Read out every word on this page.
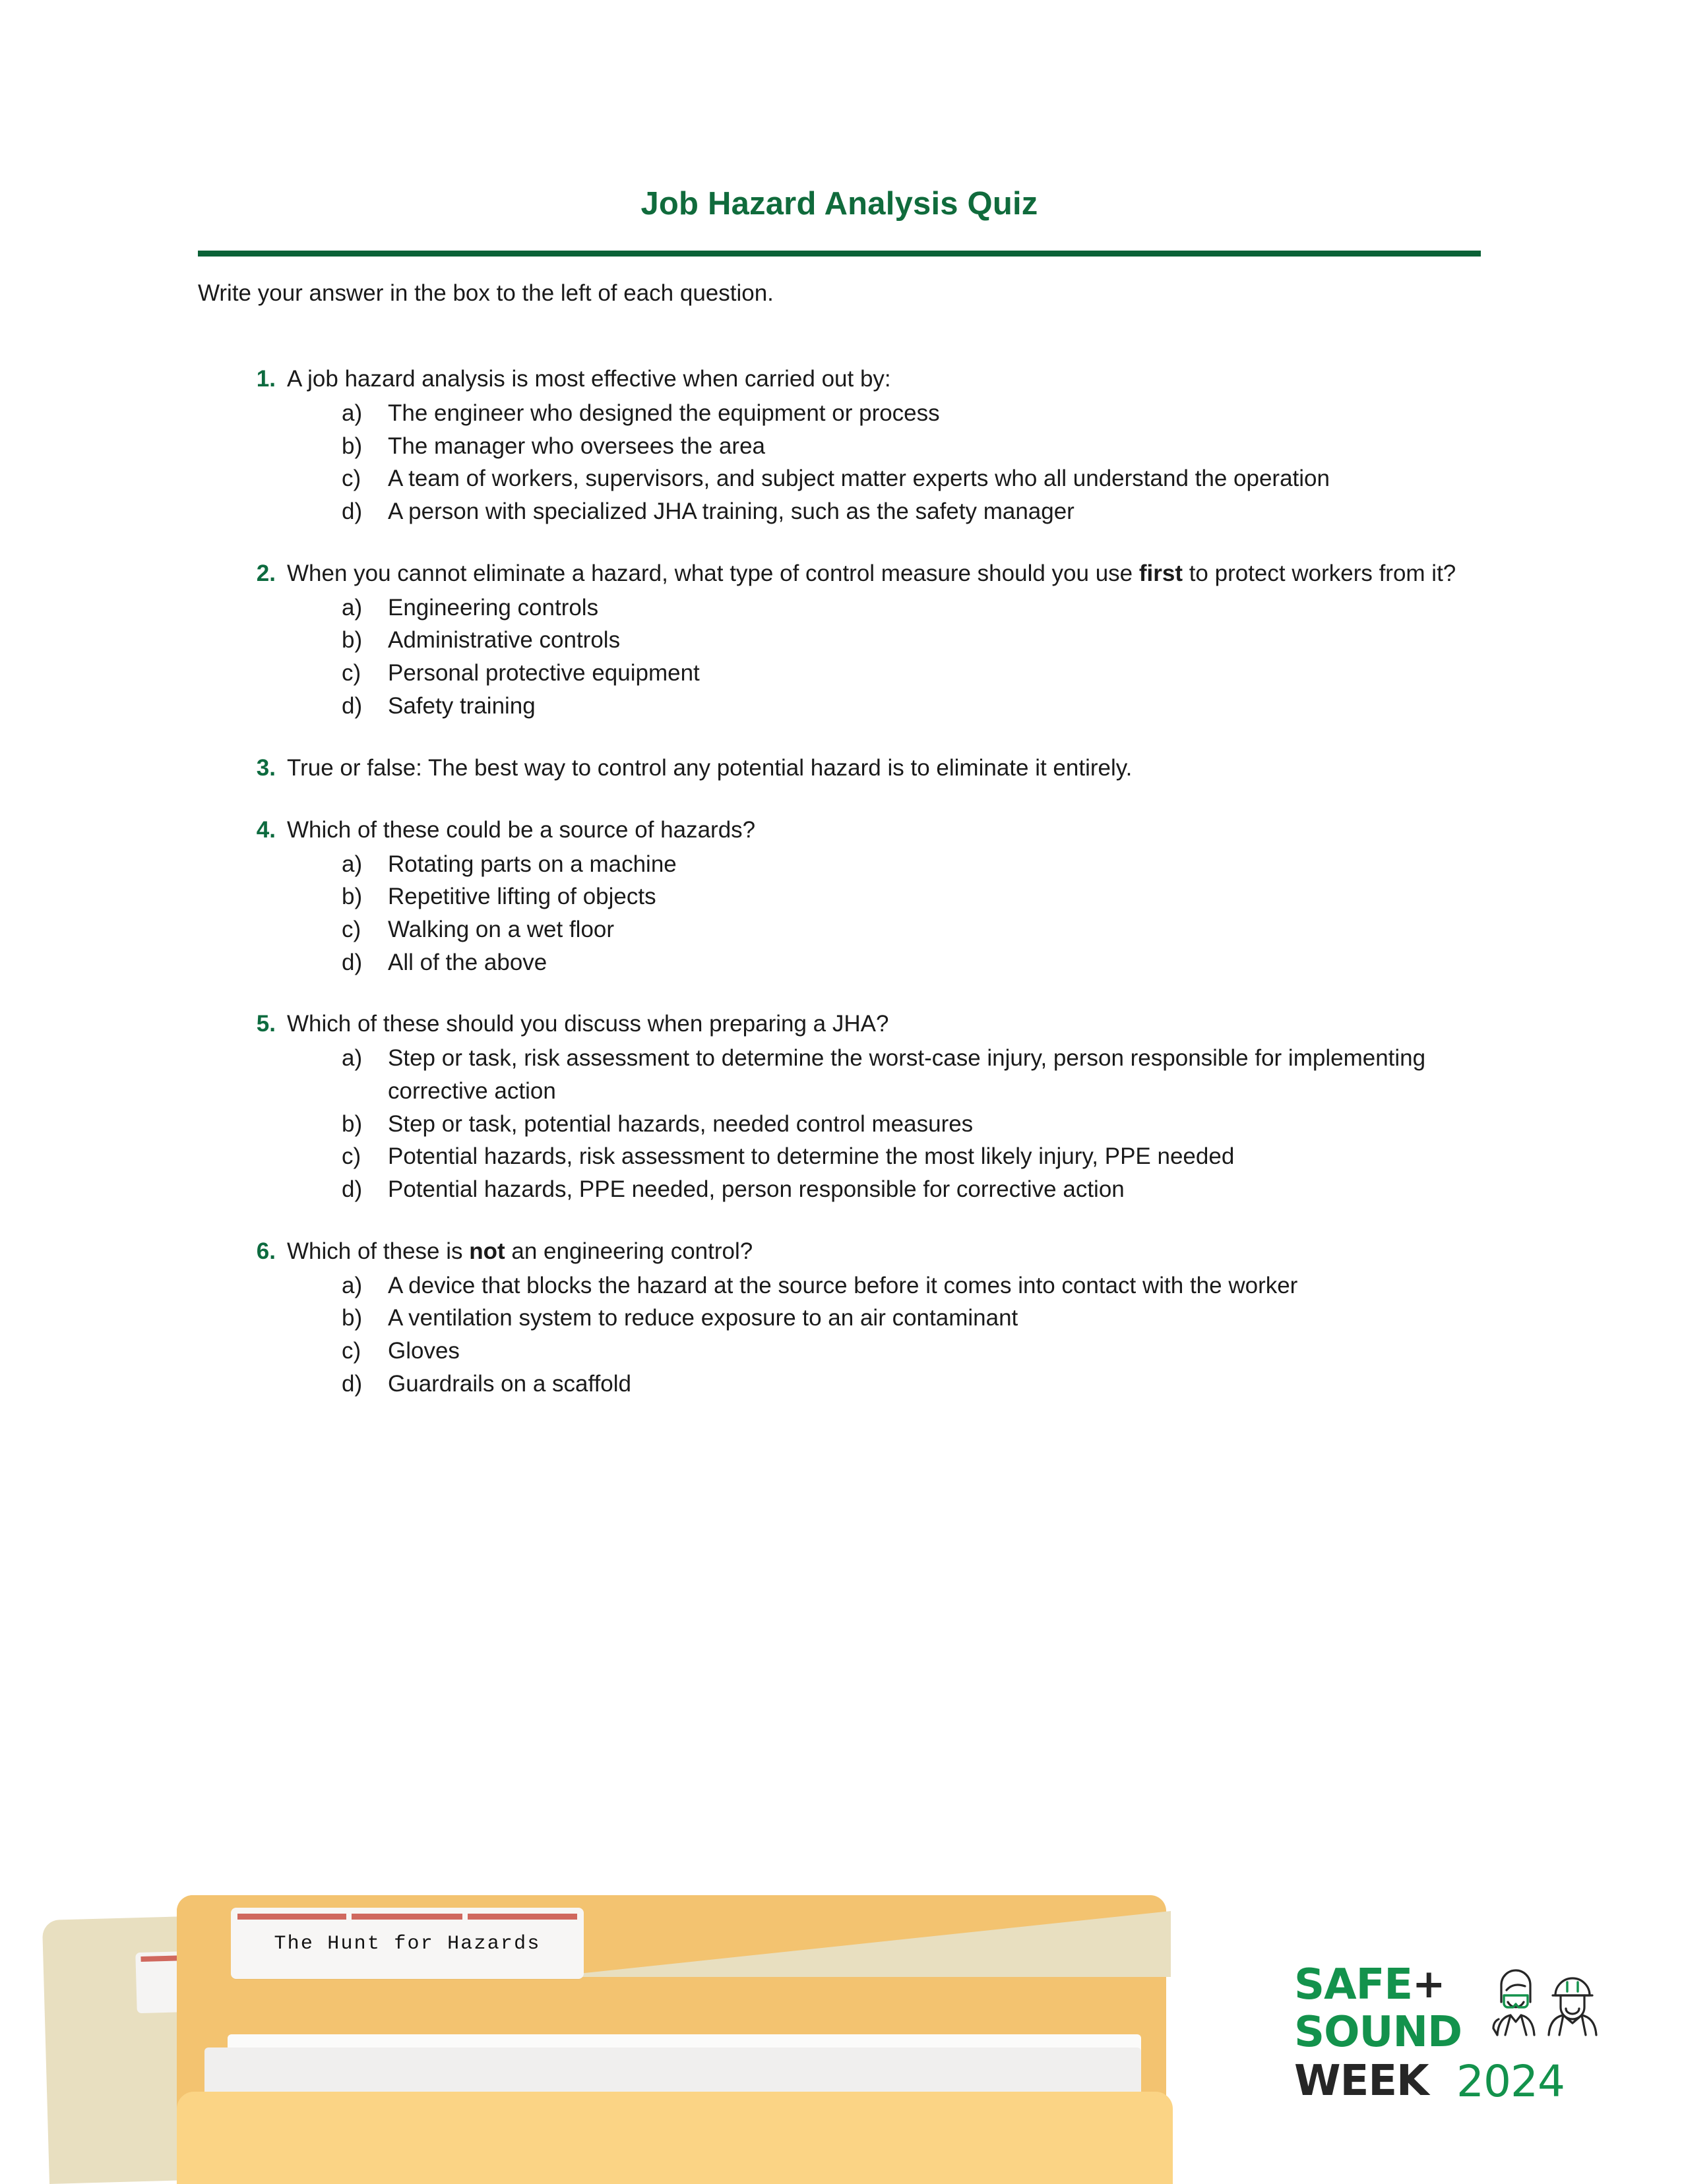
Job Hazard Analysis Quiz
Write your answer in the box to the left of each question.
1. A job hazard analysis is most effective when carried out by:
a)	The engineer who designed the equipment or process
b)	The manager who oversees the area
c)	A team of workers, supervisors, and subject matter experts who all understand the operation
d)	A person with specialized JHA training, such as the safety manager
2. When you cannot eliminate a hazard, what type of control measure should you use first to protect workers from it?
a)	Engineering controls
b)	Administrative controls
c)	Personal protective equipment
d)	Safety training
3. True or false: The best way to control any potential hazard is to eliminate it entirely.
4. Which of these could be a source of hazards?
a)	Rotating parts on a machine
b)	Repetitive lifting of objects
c)	Walking on a wet floor
d)	All of the above
5. Which of these should you discuss when preparing a JHA?
a)	Step or task, risk assessment to determine the worst-case injury, person responsible for implementing corrective action
b)	Step or task, potential hazards, needed control measures
c)	Potential hazards, risk assessment to determine the most likely injury, PPE needed
d)	Potential hazards, PPE needed, person responsible for corrective action
6. Which of these is not an engineering control?
a)	A device that blocks the hazard at the source before it comes into contact with the worker
b)	A ventilation system to reduce exposure to an air contaminant
c)	Gloves
d)	Guardrails on a scaffold
The Hunt for Hazards
SAFE+
SOUND
WEEK 2024
